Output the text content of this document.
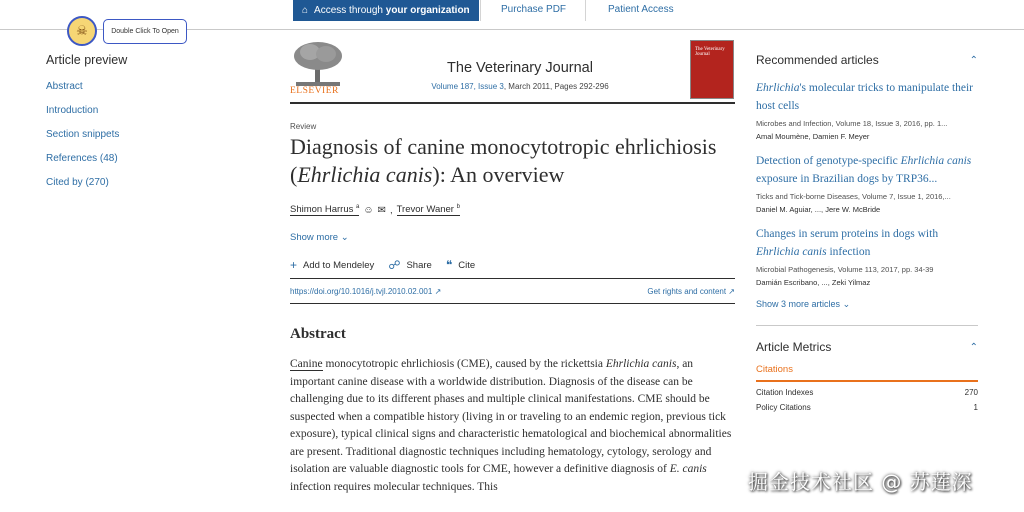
⌂ Access through your organization	Purchase PDF	Patient Access
☠	Double Click To Open
Article preview
Abstract
Introduction
Section snippets
References (48)
Cited by (270)
ELSEVIER
The Veterinary Journal
Volume 187, Issue 3, March 2011, Pages 292-296
The Veterinary Journal
Review
Diagnosis of canine monocytotropic ehrlichiosis (Ehrlichia canis): An overview
Shimon Harrus $^a$ ☺ ✉ , Trevor Waner $^b$
Show more ⌄
+ Add to Mendeley ☍ Share ❝ Cite
https://doi.org/10.1016/j.tvjl.2010.02.001 ↗	Get rights and content ↗
Abstract

Canine monocytotropic ehrlichiosis (CME), caused by the rickettsia Ehrlichia canis, an important canine disease with a worldwide distribution. Diagnosis of the disease can be challenging due to its different phases and multiple clinical manifestations. CME should be suspected when a compatible history (living in or traveling to an endemic region, previous tick exposure), typical clinical signs and characteristic hematological and biochemical abnormalities are present. Traditional diagnostic techniques including hematology, cytology, serology and isolation are valuable diagnostic tools for CME, however a definitive diagnosis of E. canis infection requires molecular techniques. This

Recommended articles	⌃
Ehrlichia's molecular tricks to manipulate their host cells
Microbes and Infection, Volume 18, Issue 3, 2016, pp. 1...
Amal Moumène, Damien F. Meyer
Detection of genotype-specific Ehrlichia canis exposure in Brazilian dogs by TRP36...
Ticks and Tick-borne Diseases, Volume 7, Issue 1, 2016,...
Daniel M. Aguiar, ..., Jere W. McBride
Changes in serum proteins in dogs with Ehrlichia canis infection
Microbial Pathogenesis, Volume 113, 2017, pp. 34-39
Damián Escribano, ..., Zeki Yilmaz
Show 3 more articles ⌄
Article Metrics	⌃
Citations
Citation Indexes	270
Policy Citations	1
掘金技术社区 @ 苏莲深
